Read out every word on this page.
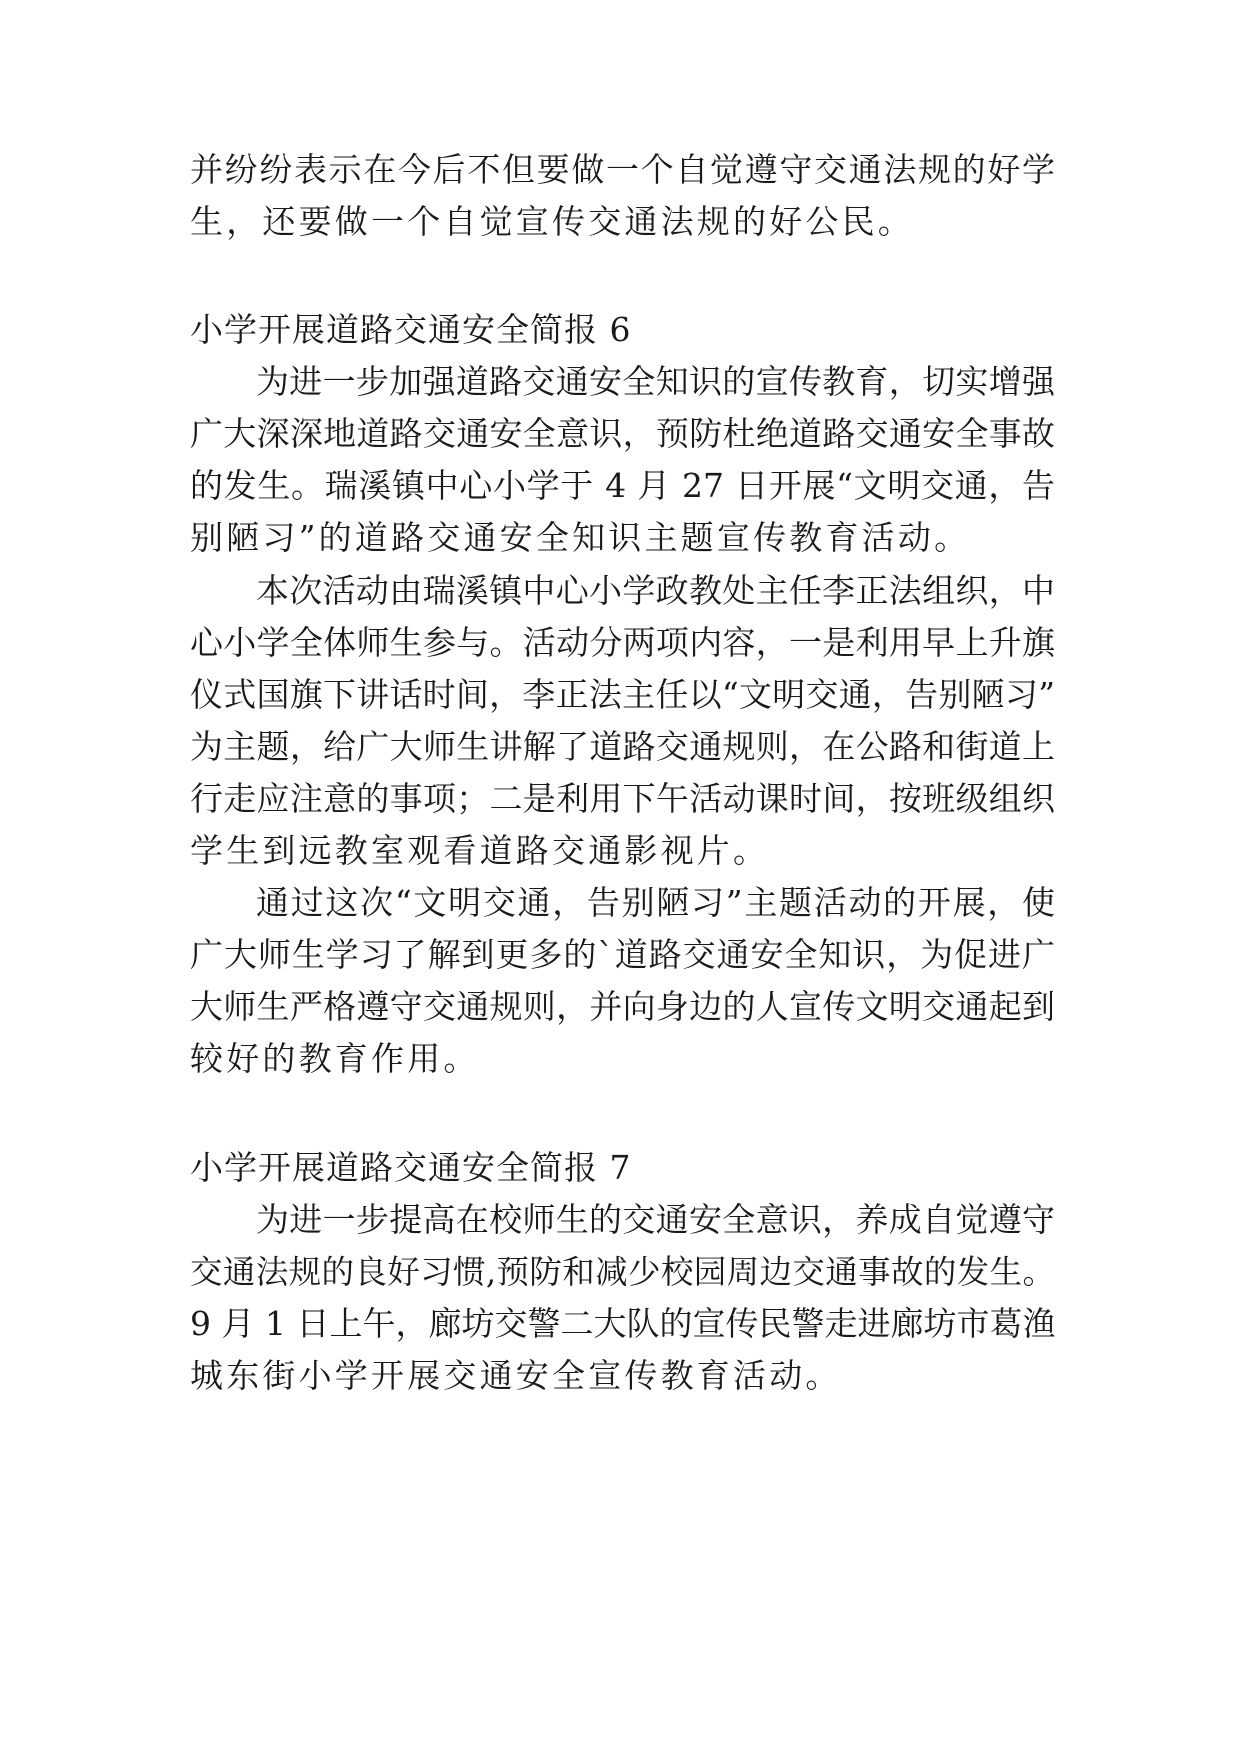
并纷纷表示在今后不但要做一个自觉遵守交通法规的好学
生，还要做一个自觉宣传交通法规的好公民。
小学开展道路交通安全简报 6
为进一步加强道路交通安全知识的宣传教育，切实增强
广大深深地道路交通安全意识，预防杜绝道路交通安全事故
的发生。瑞溪镇中心小学于 4 月 27 日开展“文明交通，告
别陋习”的道路交通安全知识主题宣传教育活动。
本次活动由瑞溪镇中心小学政教处主任李正法组织，中
心小学全体师生参与。活动分两项内容，一是利用早上升旗
仪式国旗下讲话时间，李正法主任以“文明交通，告别陋习”
为主题，给广大师生讲解了道路交通规则，在公路和街道上
行走应注意的事项；二是利用下午活动课时间，按班级组织
学生到远教室观看道路交通影视片。
通过这次“文明交通，告别陋习”主题活动的开展，使
广大师生学习了解到更多的`道路交通安全知识，为促进广
大师生严格遵守交通规则，并向身边的人宣传文明交通起到
较好的教育作用。
小学开展道路交通安全简报 7
为进一步提高在校师生的交通安全意识，养成自觉遵守
交通法规的良好习惯,预防和减少校园周边交通事故的发生。
9 月 1 日上午，廊坊交警二大队的宣传民警走进廊坊市葛渔
城东街小学开展交通安全宣传教育活动。
